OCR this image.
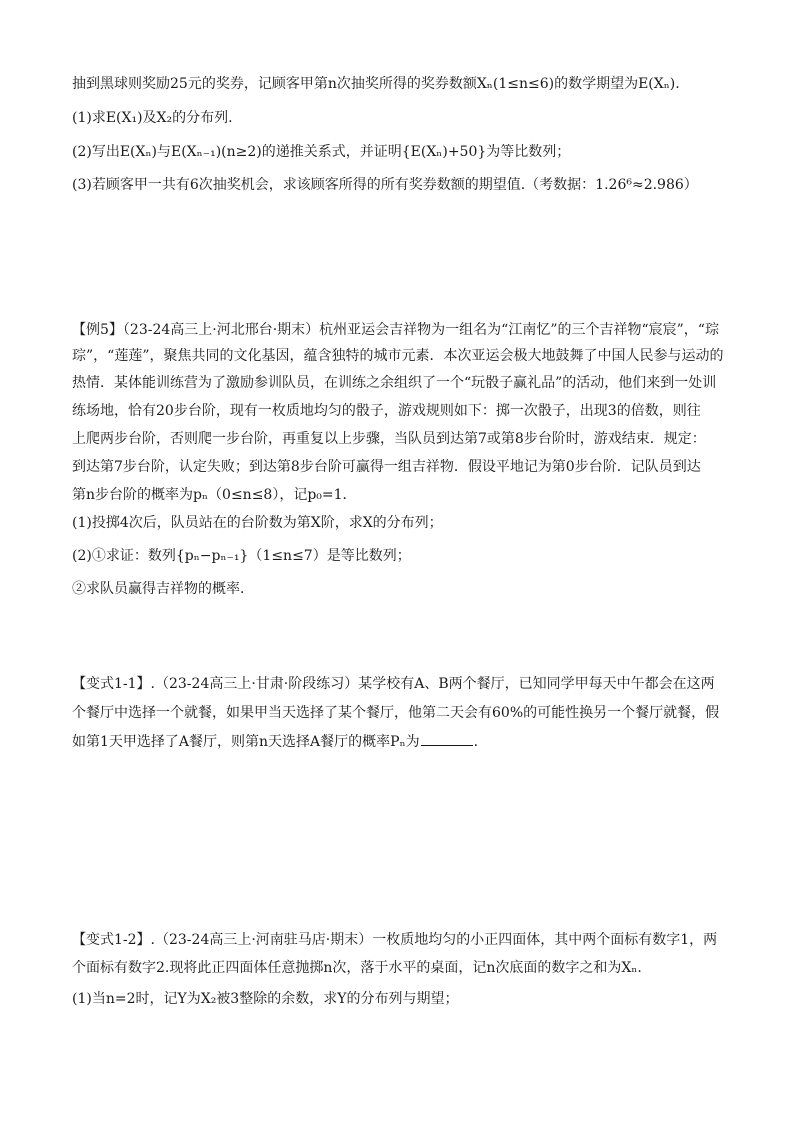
抽到黑球则奖励25元的奖券，记顾客甲第n次抽奖所得的奖券数额Xₙ(1≤n≤6)的数学期望为E(Xₙ).
(1)求E(X₁)及X₂的分布列.
(2)写出E(Xₙ)与E(Xₙ₋₁)(n≥2)的递推关系式，并证明{E(Xₙ)+50}为等比数列；
(3)若顾客甲一共有6次抽奖机会，求该顾客所得的所有奖券数额的期望值.（考数据：1.26⁶≈2.986）
【例5】（23-24高三上·河北邢台·期末）杭州亚运会吉祥物为一组名为“江南忆”的三个吉祥物“宸宸”，“琮
琮”，“莲莲”，聚焦共同的文化基因，蕴含独特的城市元素．本次亚运会极大地鼓舞了中国人民参与运动的
热情．某体能训练营为了激励参训队员，在训练之余组织了一个“玩骰子赢礼品”的活动，他们来到一处训
练场地，恰有20步台阶，现有一枚质地均匀的骰子，游戏规则如下：掷一次骰子，出现3的倍数，则往
上爬两步台阶，否则爬一步台阶，再重复以上步骤，当队员到达第7或第8步台阶时，游戏结束．规定：
到达第7步台阶，认定失败；到达第8步台阶可赢得一组吉祥物．假设平地记为第0步台阶．记队员到达
第n步台阶的概率为pₙ（0≤n≤8），记p₀=1．
(1)投掷4次后，队员站在的台阶数为第X阶，求X的分布列；
(2)①求证：数列{pₙ−pₙ₋₁}（1≤n≤7）是等比数列；
②求队员赢得吉祥物的概率．
【变式1-1】.（23-24高三上·甘肃·阶段练习）某学校有A、B两个餐厅，已知同学甲每天中午都会在这两
个餐厅中选择一个就餐，如果甲当天选择了某个餐厅，他第二天会有60%的可能性换另一个餐厅就餐，假
如第1天甲选择了A餐厅，则第n天选择A餐厅的概率Pₙ为	.
【变式1-2】.（23-24高三上·河南驻马店·期末）一枚质地均匀的小正四面体，其中两个面标有数字1，两
个面标有数字2.现将此正四面体任意抛掷n次，落于水平的桌面，记n次底面的数字之和为Xₙ.
(1)当n=2时，记Y为X₂被3整除的余数，求Y的分布列与期望；
